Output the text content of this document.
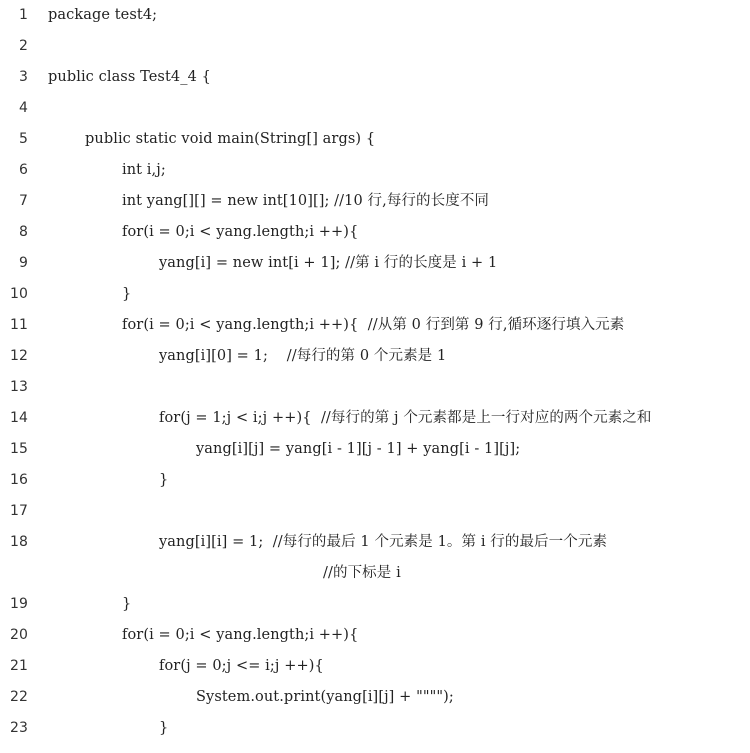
1 package test4;
2
3 public class Test4_4 {
4
5	public static void main(String[] args) {
6	int i,j;
7	int yang[][] = new int[10][]; //10 行,每行的长度不同
8	for(i = 0;i < yang.length;i ++){
9	yang[i] = new int[i + 1]; //第 i 行的长度是 i + 1
10	}
11	for(i = 0;i < yang.length;i ++){  //从第 0 行到第 9 行,循环逐行填入元素
12	yang[i][0] = 1;    //每行的第 0 个元素是 1
13
14	for(j = 1;j < i;j ++){  //每行的第 j 个元素都是上一行对应的两个元素之和
15	yang[i][j] = yang[i - 1][j - 1] + yang[i - 1][j];
16	}
17
18	yang[i][i] = 1;  //每行的最后 1 个元素是 1。第 i 行的最后一个元素
//的下标是 i
19	}
20	for(i = 0;i < yang.length;i ++){
21	for(j = 0;j <= i;j ++){
22	System.out.print(yang[i][j] + """");
23	}
